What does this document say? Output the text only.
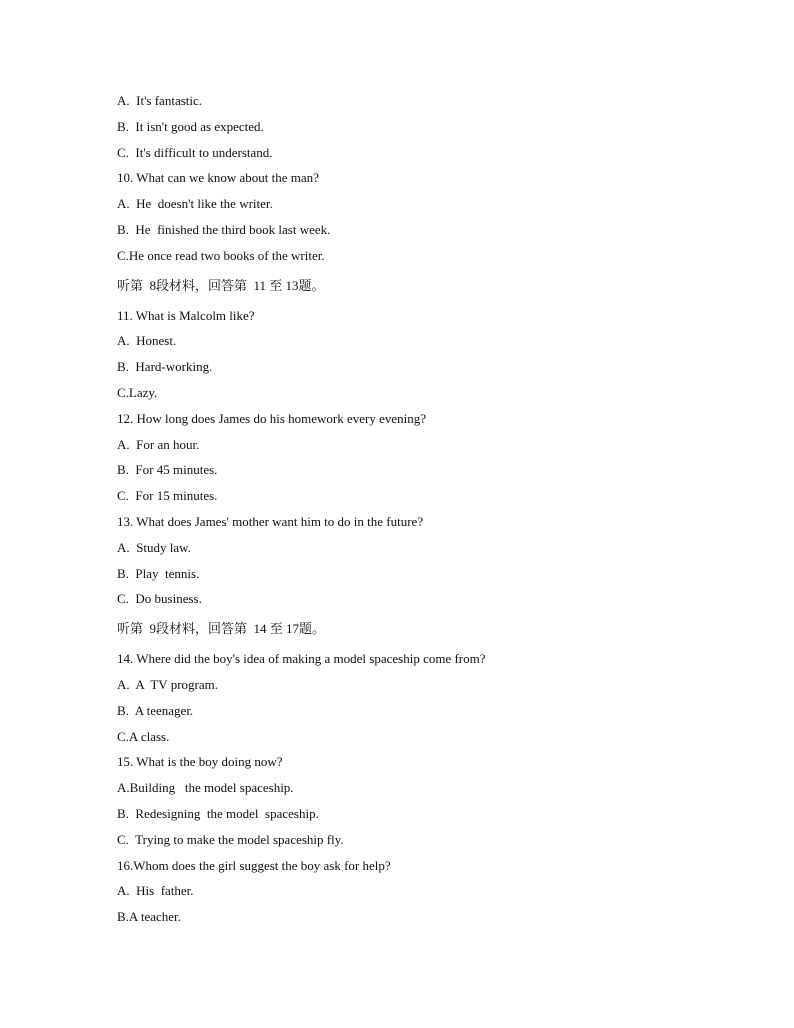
A.  It's fantastic.
B.  It isn't good as expected.
C.  It's difficult to understand.
10. What can we know about the man?
A.  He  doesn't like the writer.
B.  He  finished the third book last week.
C.He once read two books of the writer.
听第  8段材料，回答第  11 至 13题。
11. What is Malcolm like?
A.  Honest.
B.  Hard-working.
C.Lazy.
12. How long does James do his homework every evening?
A.  For an hour.
B.  For 45 minutes.
C.  For 15 minutes.
13. What does James' mother want him to do in the future?
A.  Study law.
B.  Play  tennis.
C.  Do business.
听第  9段材料，回答第  14 至 17题。
14. Where did the boy's idea of making a model spaceship come from?
A.  A  TV program.
B.  A teenager.
C.A class.
15. What is the boy doing now?
A.Building   the model spaceship.
B.  Redesigning  the model  spaceship.
C.  Trying to make the model spaceship fly.
16.Whom does the girl suggest the boy ask for help?
A.  His  father.
B.A teacher.
